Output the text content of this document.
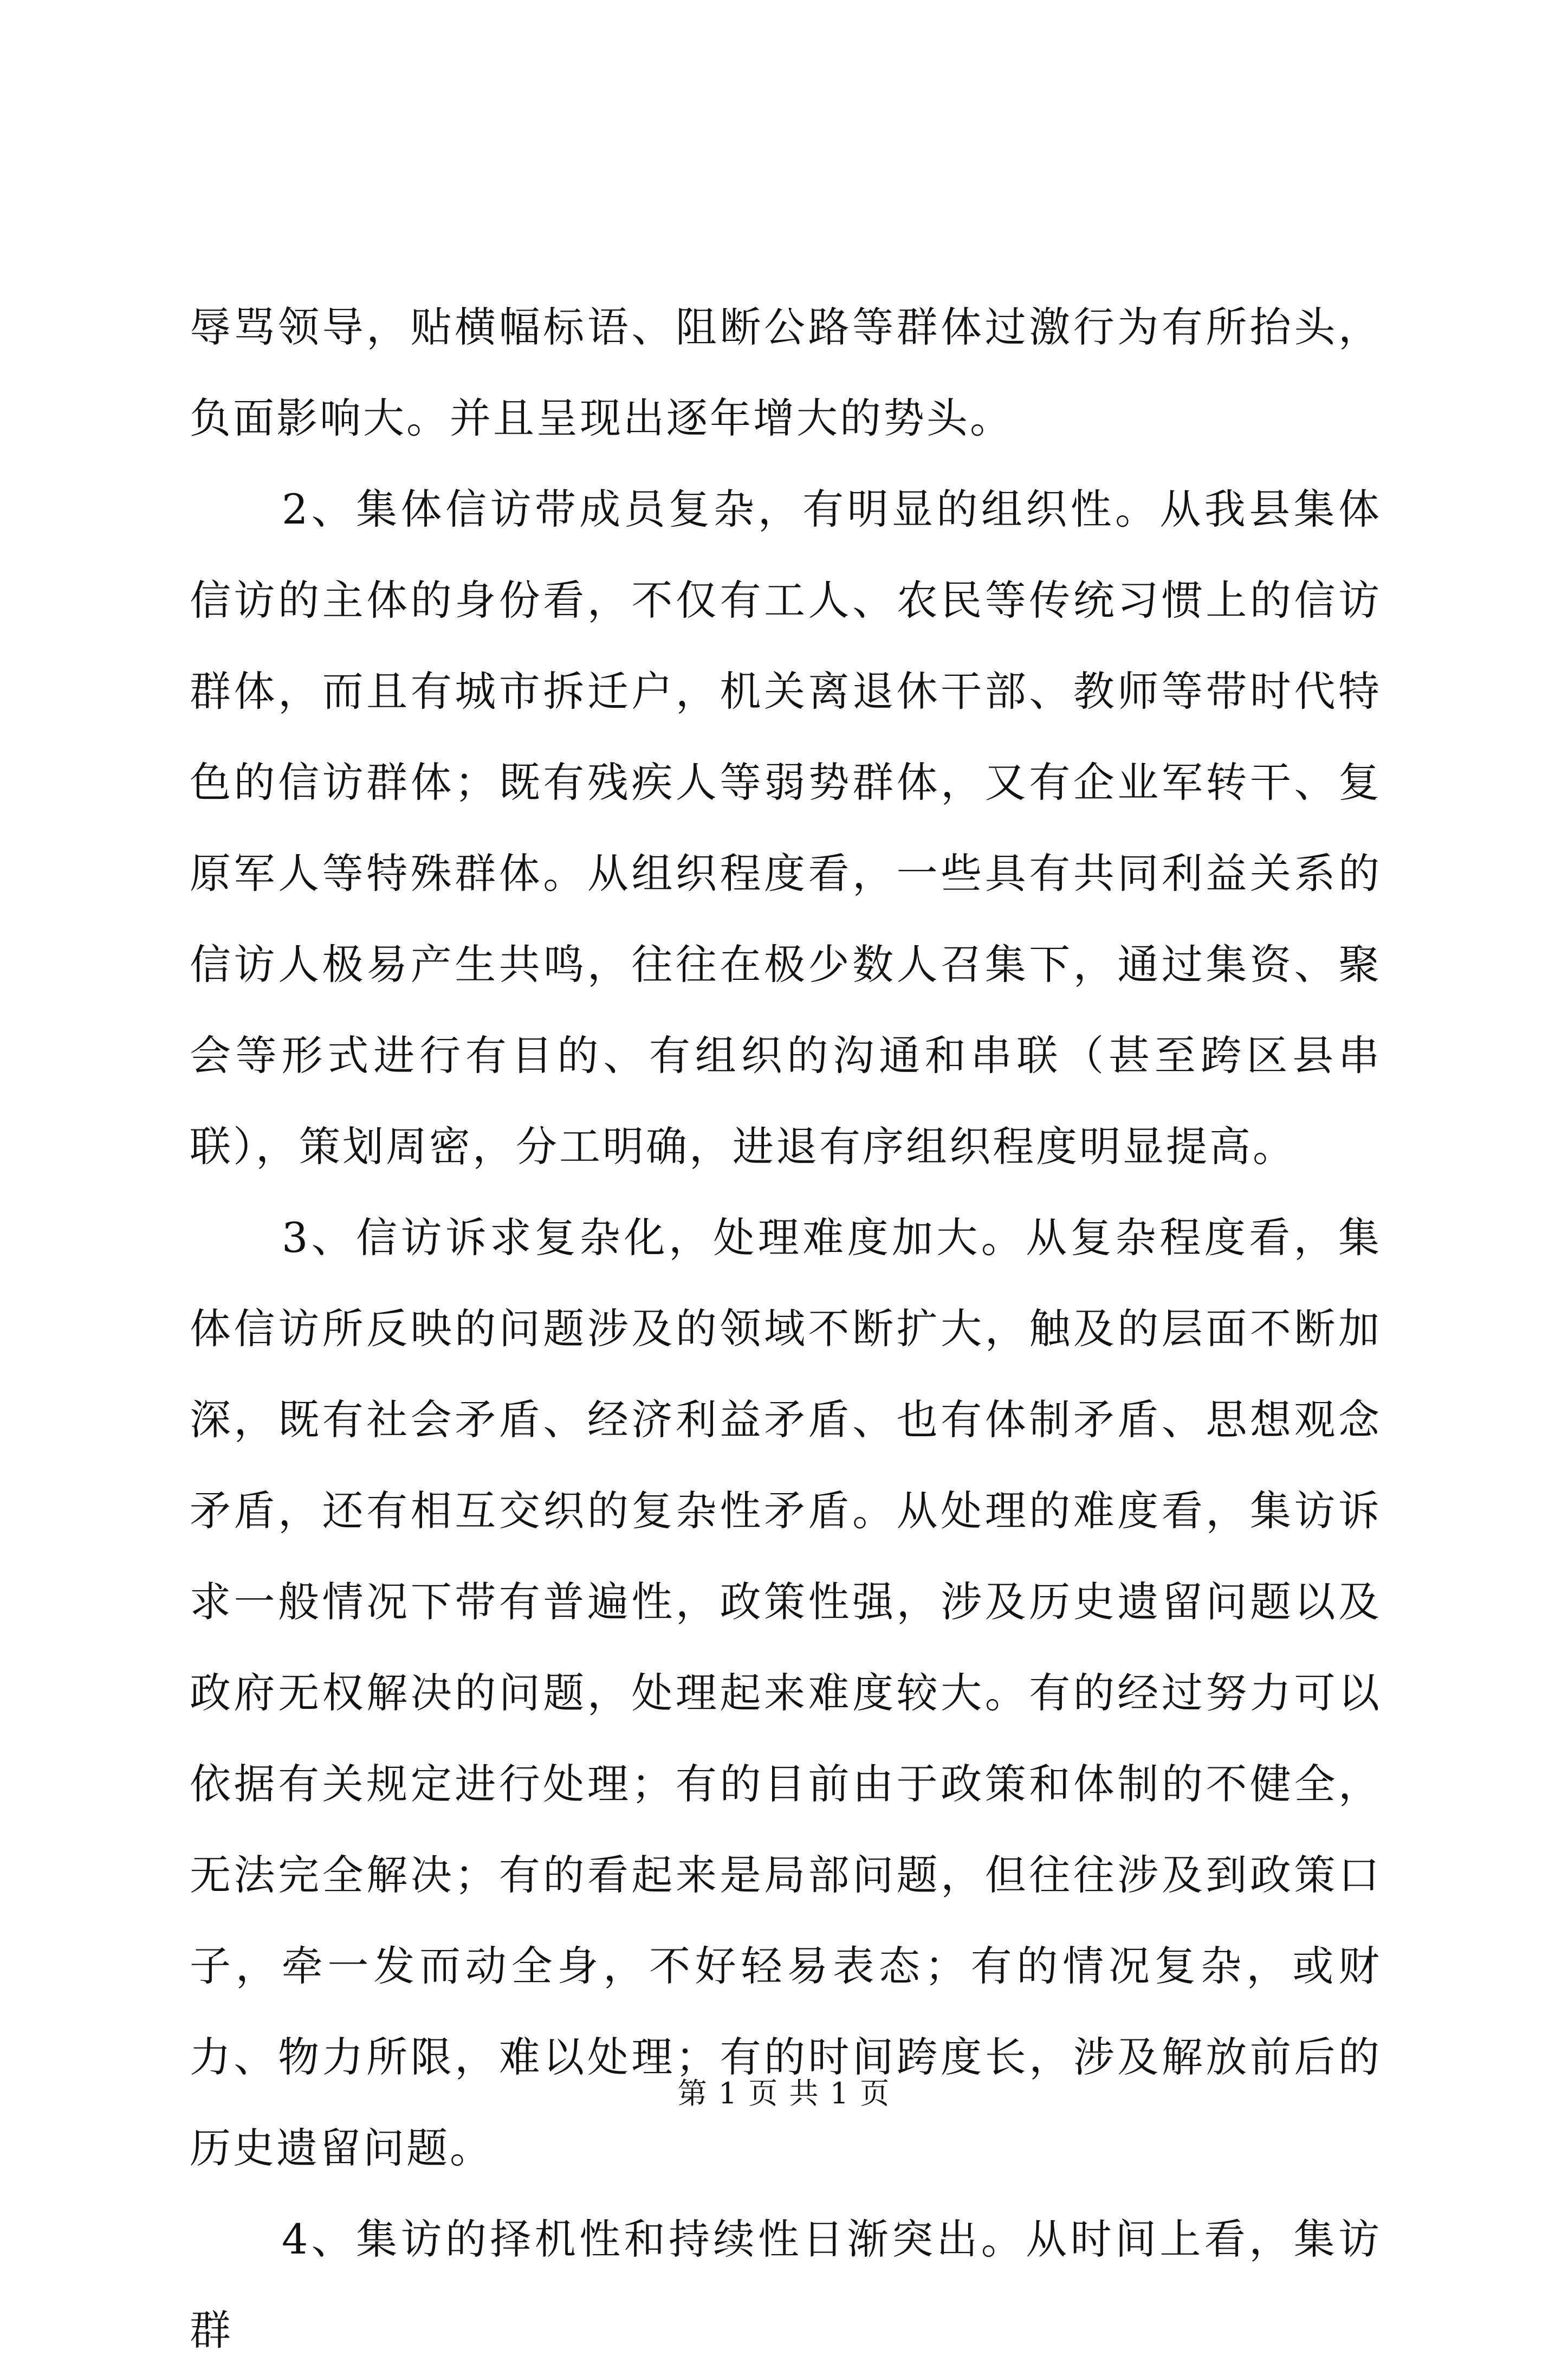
辱骂领导，贴横幅标语、阻断公路等群体过激行为有所抬头，负面影响大。并且呈现出逐年增大的势头。

2、集体信访带成员复杂，有明显的组织性。从我县集体信访的主体的身份看，不仅有工人、农民等传统习惯上的信访群体，而且有城市拆迁户，机关离退休干部、教师等带时代特色的信访群体；既有残疾人等弱势群体，又有企业军转干、复原军人等特殊群体。从组织程度看，一些具有共同利益关系的信访人极易产生共鸣，往往在极少数人召集下，通过集资、聚会等形式进行有目的、有组织的沟通和串联（甚至跨区县串联），策划周密，分工明确，进退有序组织程度明显提高。

3、信访诉求复杂化，处理难度加大。从复杂程度看，集体信访所反映的问题涉及的领域不断扩大，触及的层面不断加深，既有社会矛盾、经济利益矛盾、也有体制矛盾、思想观念矛盾，还有相互交织的复杂性矛盾。从处理的难度看，集访诉求一般情况下带有普遍性，政策性强，涉及历史遗留问题以及政府无权解决的问题，处理起来难度较大。有的经过努力可以依据有关规定进行处理；有的目前由于政策和体制的不健全，无法完全解决；有的看起来是局部问题，但往往涉及到政策口子，牵一发而动全身，不好轻易表态；有的情况复杂，或财力、物力所限，难以处理；有的时间跨度长，涉及解放前后的历史遗留问题。

4、集访的择机性和持续性日渐突出。从时间上看，集访群

第 1 页 共 1 页
